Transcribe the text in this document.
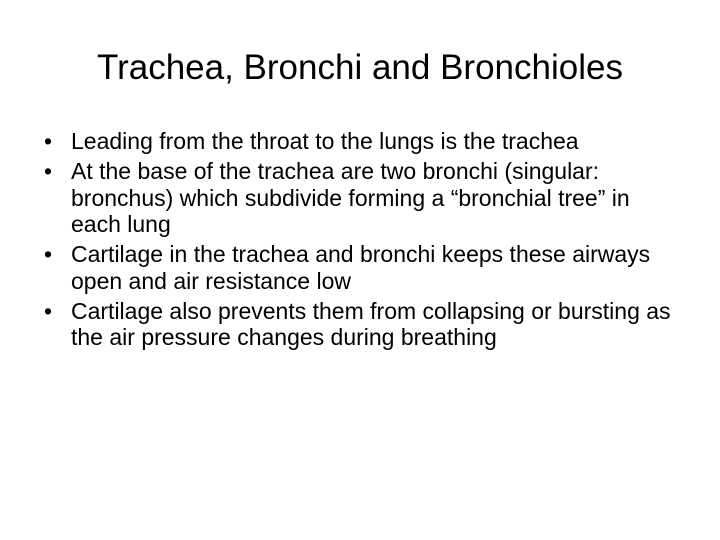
Trachea, Bronchi and Bronchioles
• Leading from the throat to the lungs is the trachea
• At the base of the trachea are two bronchi (singular: bronchus) which subdivide forming a “bronchial tree” in each lung
• Cartilage in the trachea and bronchi keeps these airways open and air resistance low
• Cartilage also prevents them from collapsing or bursting as the air pressure changes during breathing
